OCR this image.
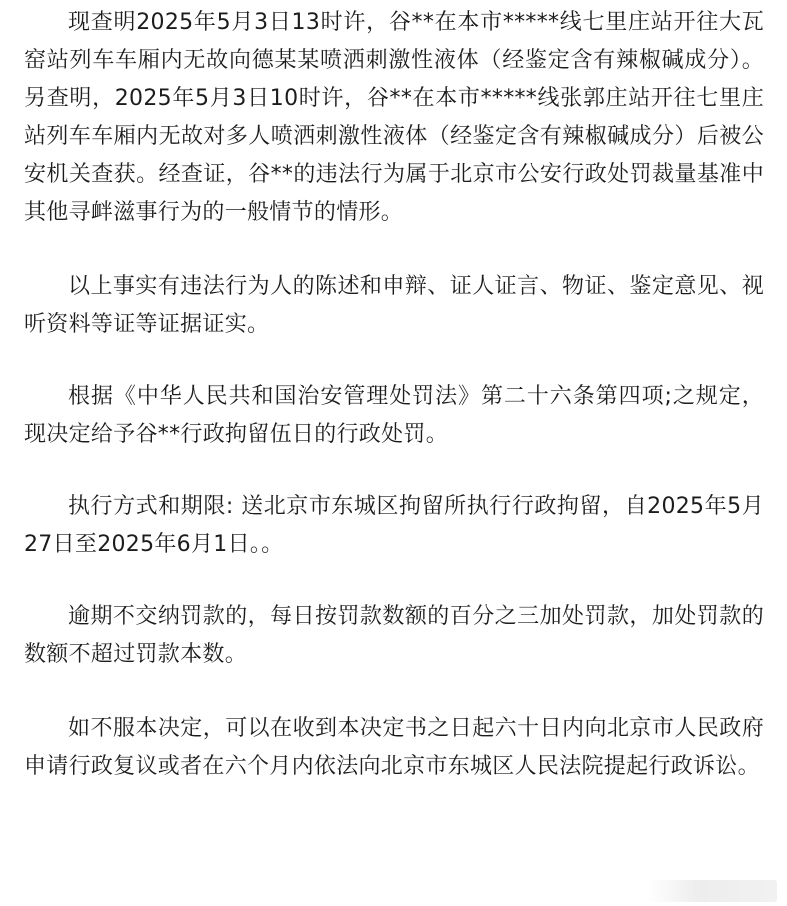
现查明2025年5月3日13时许，谷**在本市*****线七里庄站开往大瓦窑站列车车厢内无故向德某某喷洒刺激性液体（经鉴定含有辣椒碱成分）。另查明，2025年5月3日10时许，谷**在本市*****线张郭庄站开往七里庄站列车车厢内无故对多人喷洒刺激性液体（经鉴定含有辣椒碱成分）后被公安机关查获。经查证，谷**的违法行为属于北京市公安行政处罚裁量基准中其他寻衅滋事行为的一般情节的情形。

以上事实有违法行为人的陈述和申辩、证人证言、物证、鉴定意见、视听资料等证等证据证实。

根据《中华人民共和国治安管理处罚法》第二十六条第四项;之规定，现决定给予谷**行政拘留伍日的行政处罚。

执行方式和期限: 送北京市东城区拘留所执行行政拘留，自2025年5月27日至2025年6月1日。。

逾期不交纳罚款的，每日按罚款数额的百分之三加处罚款，加处罚款的数额不超过罚款本数。

如不服本决定，可以在收到本决定书之日起六十日内向北京市人民政府申请行政复议或者在六个月内依法向北京市东城区人民法院提起行政诉讼。
